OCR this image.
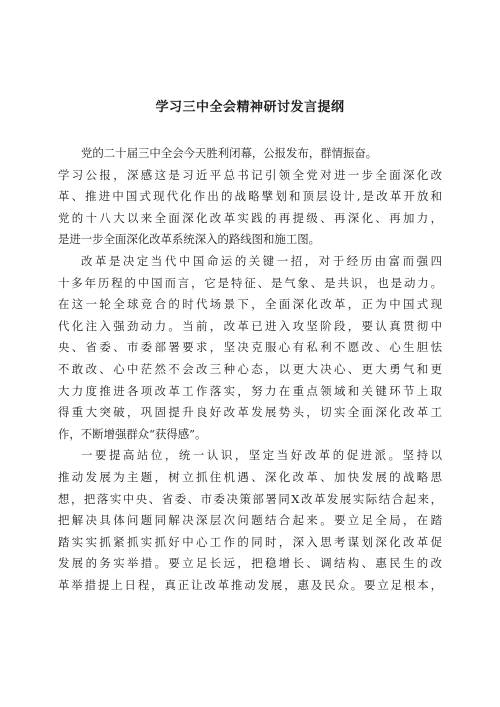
学习三中全会精神研讨发言提纲
党的二十届三中全会今天胜利闭幕，公报发布，群情振奋。
学习公报，深感这是习近平总书记引领全党对进一步全面深化改
革、推进中国式现代化作出的战略擘划和顶层设计,是改革开放和
党的十八大以来全面深化改革实践的再提级、再深化、再加力，
是进一步全面深化改革系统深入的路线图和施工图。
改革是决定当代中国命运的关键一招，对于经历由富而强四
十多年历程的中国而言，它是特征、是气象、是共识，也是动力。
在这一轮全球竞合的时代场景下，全面深化改革，正为中国式现
代化注入强劲动力。当前，改革已进入攻坚阶段，要认真贯彻中
央、省委、市委部署要求，坚决克服心有私利不愿改、心生胆怯
不敢改、心中茫然不会改三种心态，以更大决心、更大勇气和更
大力度推进各项改革工作落实，努力在重点领域和关键环节上取
得重大突破，巩固提升良好改革发展势头，切实全面深化改革工
作，不断增强群众“获得感”。
一要提高站位，统一认识，坚定当好改革的促进派。坚持以
推动发展为主题，树立抓住机遇、深化改革、加快发展的战略思
想，把落实中央、省委、市委决策部署同X改革发展实际结合起来，
把解决具体问题同解决深层次问题结合起来。要立足全局，在踏
踏实实抓紧抓实抓好中心工作的同时，深入思考谋划深化改革促
发展的务实举措。要立足长远，把稳增长、调结构、惠民生的改
革举措提上日程，真正让改革推动发展，惠及民众。要立足根本，
